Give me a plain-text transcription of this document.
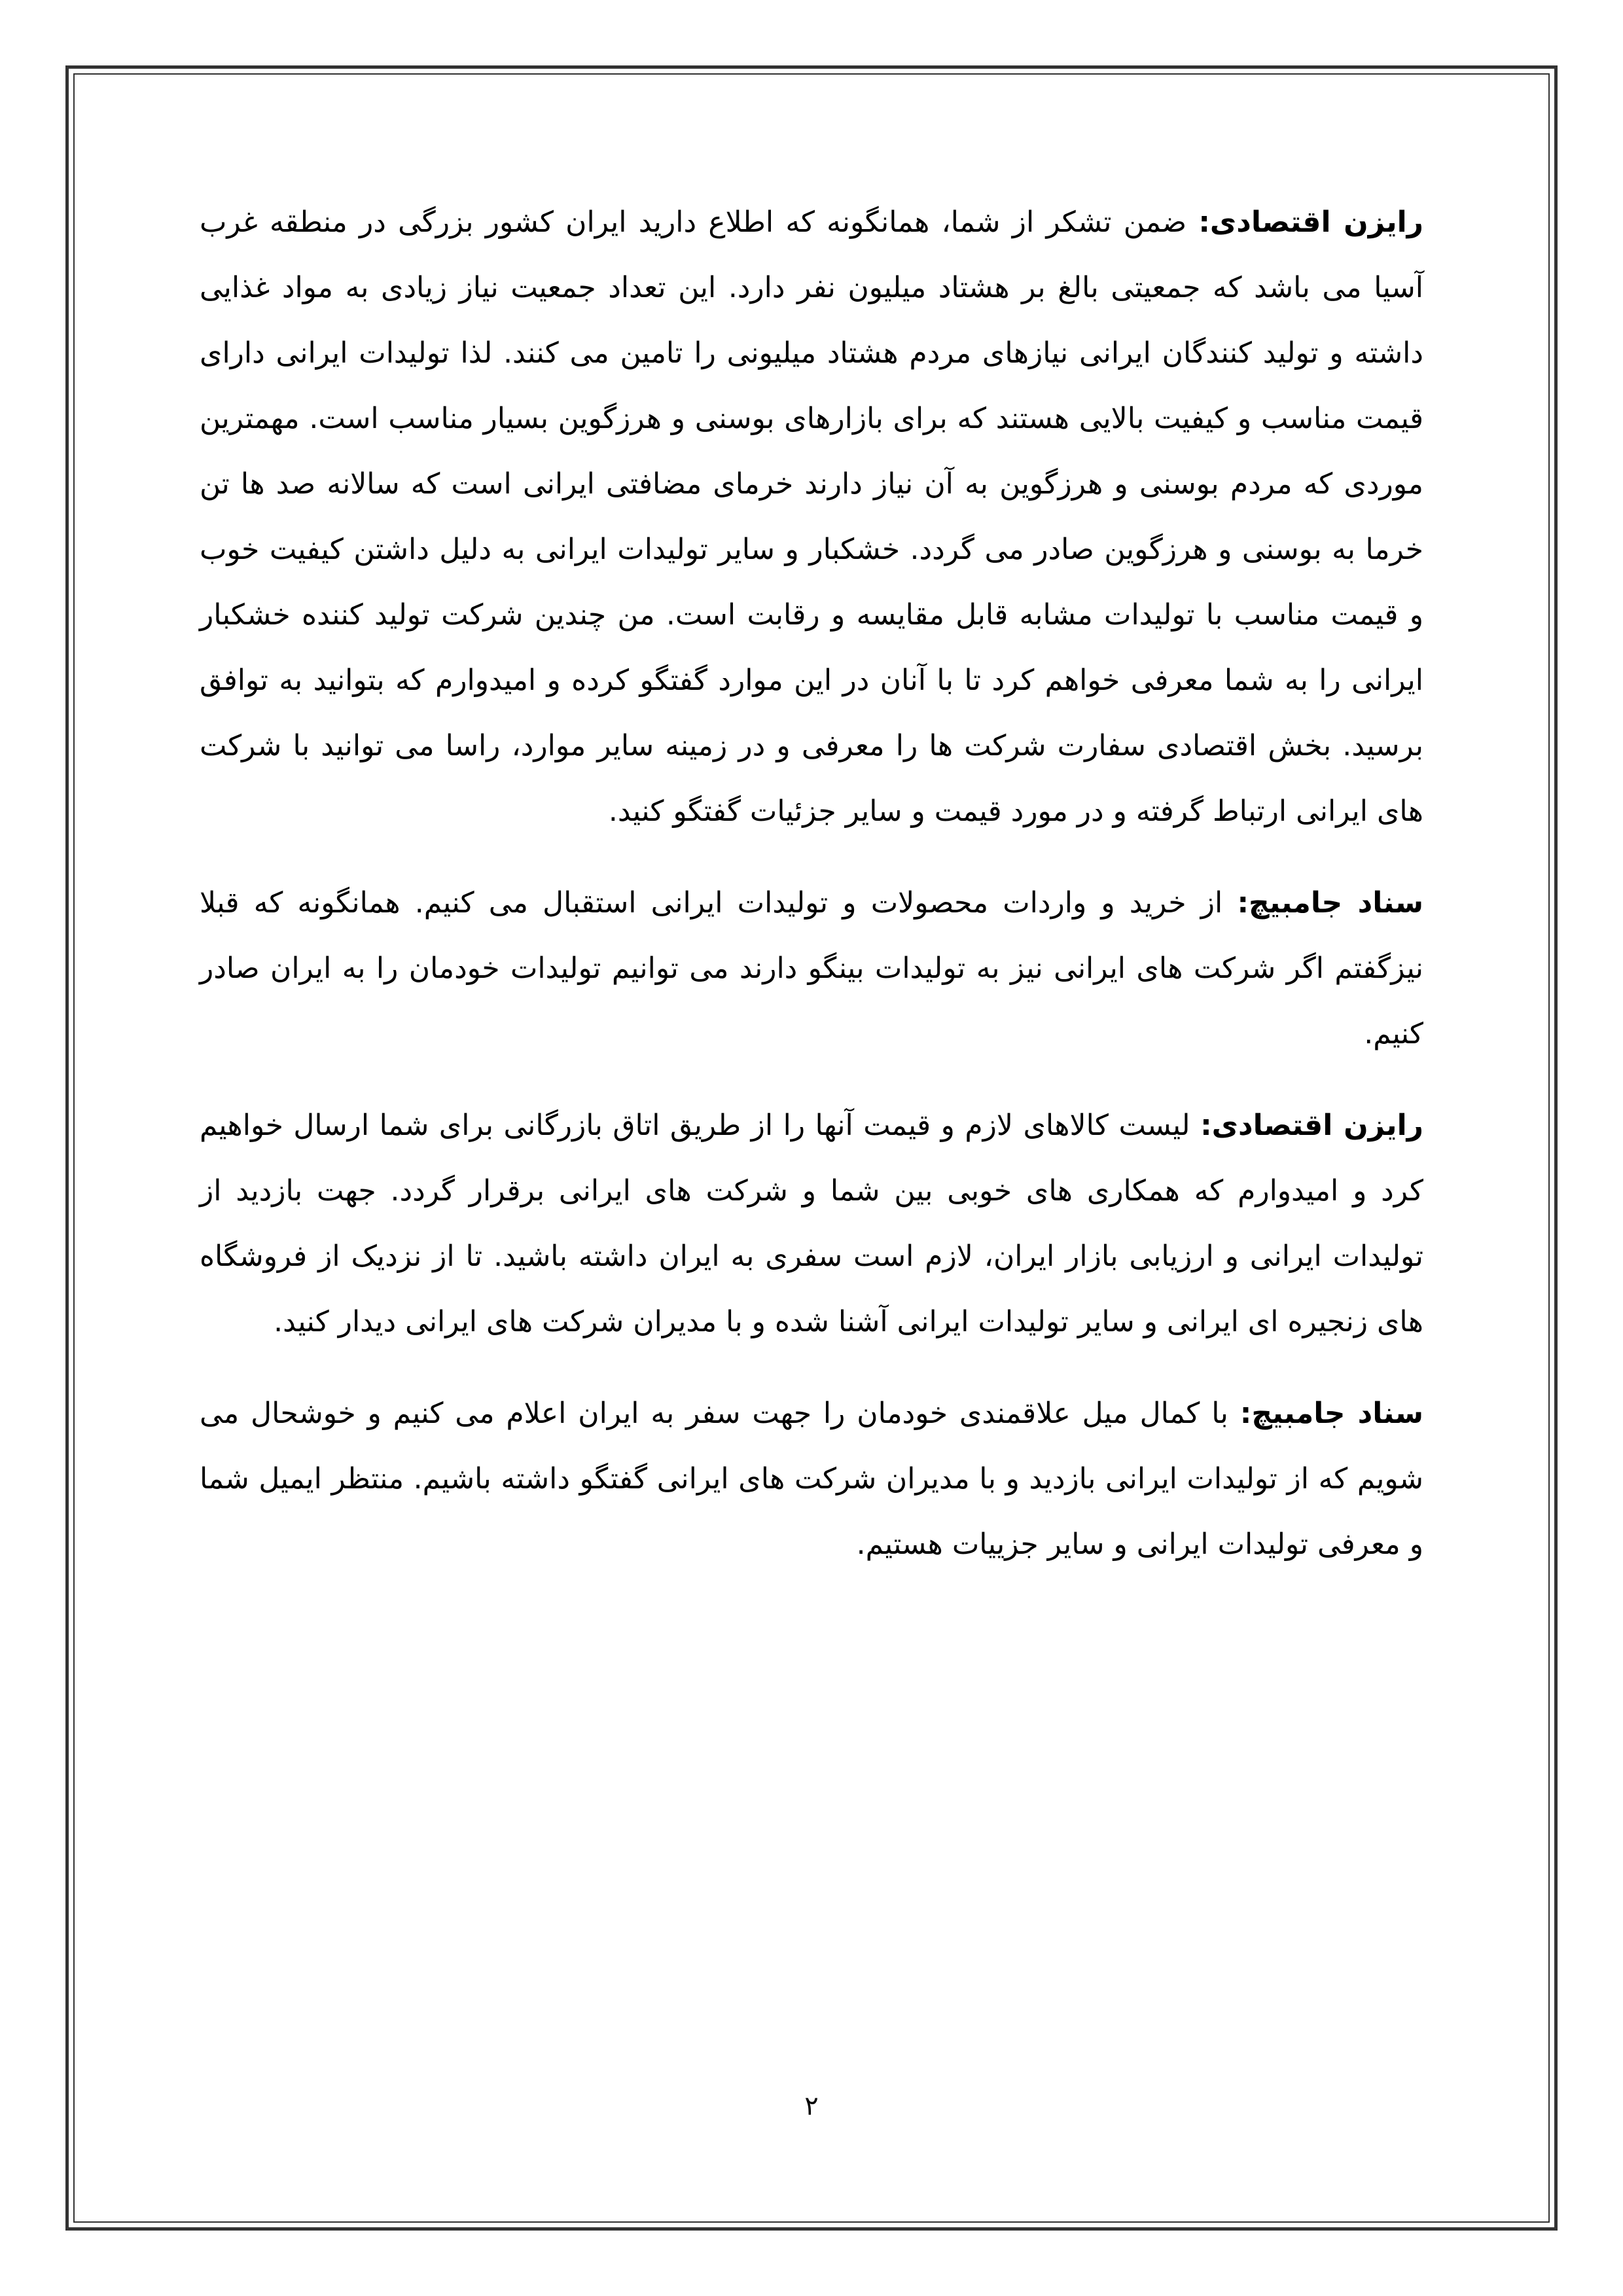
رایزن اقتصادی: ضمن تشکر از شما، همانگونه که اطلاع دارید ایران کشور بزرگی در منطقه غرب آسیا می باشد که جمعیتی بالغ بر هشتاد میلیون نفر دارد. این تعداد جمعیت نیاز زیادی به مواد غذایی داشته و تولید کنندگان ایرانی نیازهای مردم هشتاد میلیونی را تامین می کنند. لذا تولیدات ایرانی دارای قیمت مناسب و کیفیت بالایی هستند که برای بازارهای بوسنی و هرزگوین بسیار مناسب است. مهمترین موردی که مردم بوسنی و هرزگوین به آن نیاز دارند خرمای مضافتی ایرانی است که سالانه صد ها تن خرما به بوسنی و هرزگوین صادر می گردد. خشکبار و سایر تولیدات ایرانی به دلیل داشتن کیفیت خوب و قیمت مناسب با تولیدات مشابه قابل مقایسه و رقابت است. من چندین شرکت تولید کننده خشکبار ایرانی را به شما معرفی خواهم کرد تا با آنان در این موارد گفتگو کرده و امیدوارم که بتوانید به توافق برسید. بخش اقتصادی سفارت شرکت ها را معرفی و در زمینه سایر موارد، راسا می توانید با شرکت های ایرانی ارتباط گرفته و در مورد قیمت و سایر جزئیات گفتگو کنید.

سناد جامبیچ: از خرید و واردات محصولات و تولیدات ایرانی استقبال می کنیم. همانگونه که قبلا نیزگفتم اگر شرکت های ایرانی نیز به تولیدات بینگو دارند می توانیم تولیدات خودمان را به ایران صادر کنیم.

رایزن اقتصادی: لیست کالاهای لازم و قیمت آنها را از طریق اتاق بازرگانی برای شما ارسال خواهیم کرد و امیدوارم که همکاری های خوبی بین شما و شرکت های ایرانی برقرار گردد. جهت بازدید از تولیدات ایرانی و ارزیابی بازار ایران، لازم است سفری به ایران داشته باشید. تا از نزدیک از فروشگاه های زنجیره ای ایرانی و سایر تولیدات ایرانی آشنا شده و با مدیران شرکت های ایرانی دیدار کنید.

سناد جامبیچ: با کمال میل علاقمندی خودمان را جهت سفر به ایران اعلام می کنیم و خوشحال می شویم که از تولیدات ایرانی بازدید و با مدیران شرکت های ایرانی گفتگو داشته باشیم. منتظر ایمیل شما و معرفی تولیدات ایرانی و سایر جزییات هستیم.

۲
